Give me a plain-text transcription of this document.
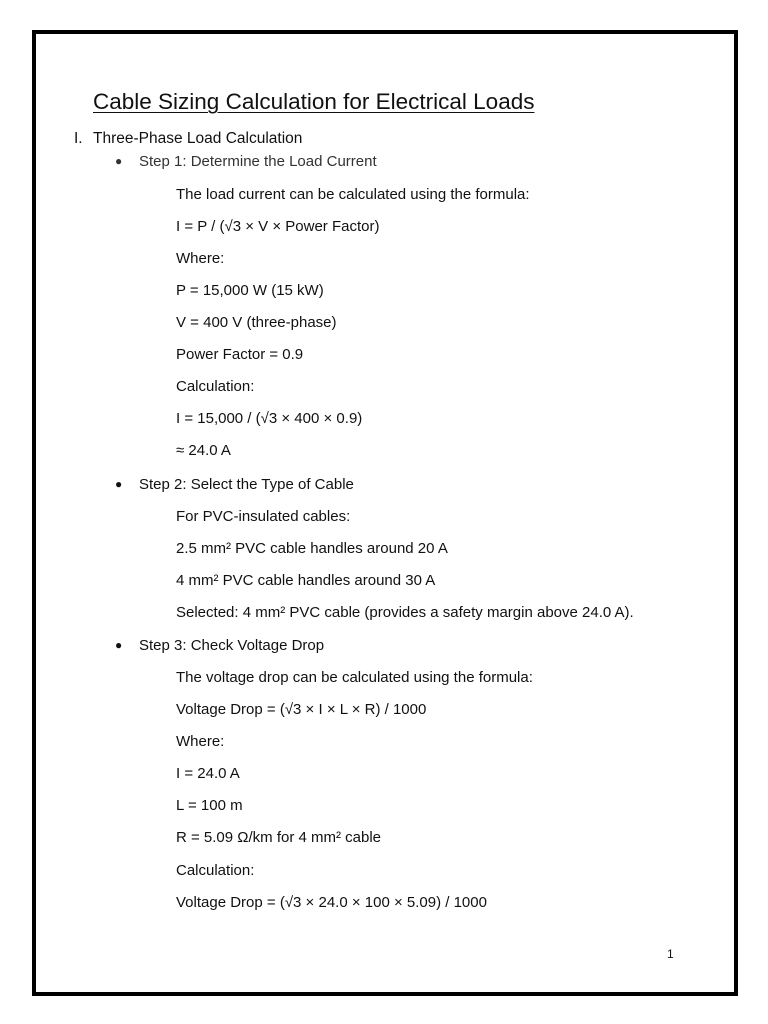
Cable Sizing Calculation for Electrical Loads
I. Three-Phase Load Calculation
● Step 1: Determine the Load Current
The load current can be calculated using the formula:
I = P / (√3 × V × Power Factor)
Where:
P = 15,000 W (15 kW)
V = 400 V (three-phase)
Power Factor = 0.9
Calculation:
I = 15,000 / (√3 × 400 × 0.9)
≈ 24.0 A
● Step 2: Select the Type of Cable
For PVC-insulated cables:
2.5 mm² PVC cable handles around 20 A
4 mm² PVC cable handles around 30 A
Selected: 4 mm² PVC cable (provides a safety margin above 24.0 A).
● Step 3: Check Voltage Drop
The voltage drop can be calculated using the formula:
Voltage Drop = (√3 × I × L × R) / 1000
Where:
I = 24.0 A
L = 100 m
R = 5.09 Ω/km for 4 mm² cable
Calculation:
Voltage Drop = (√3 × 24.0 × 100 × 5.09) / 1000
1
